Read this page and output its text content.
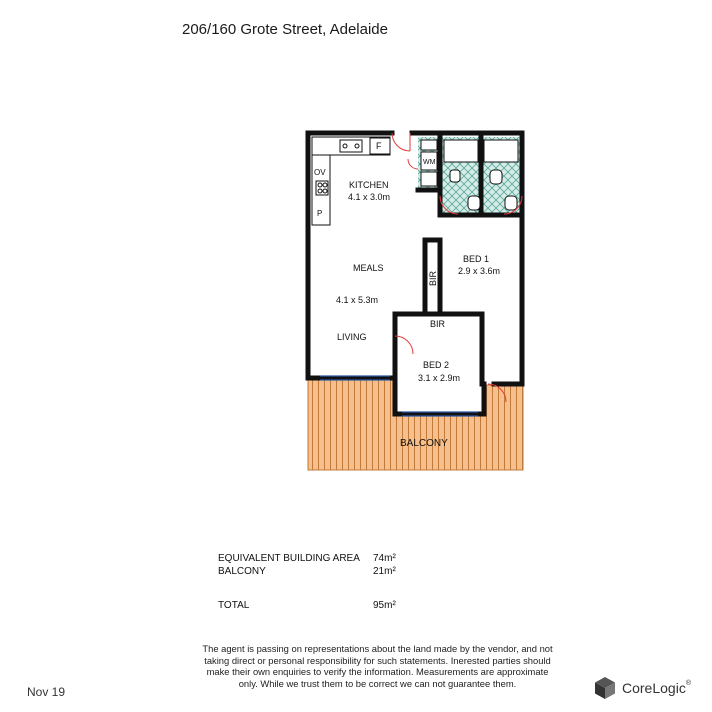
206/160 Grote Street, Adelaide
KITCHEN
4.1 x 3.0m
MEALS
4.1 x 5.3m
LIVING
BED 1
2.9 x 3.6m
BED 2
3.1 x 2.9m
BIR
BIR
BALCONY
F
OV
P
WM
EQUIVALENT BUILDING AREA 74m²
BALCONY	21m²
TOTAL	95m²
The agent is passing on representations about the land made by the vendor, and not taking direct or personal responsibility for such statements. Inerested parties should make their own enquiries to verify the information. Measurements are approximate only. While we trust them to be correct we can not guarantee them.
Nov 19	CoreLogic ®
